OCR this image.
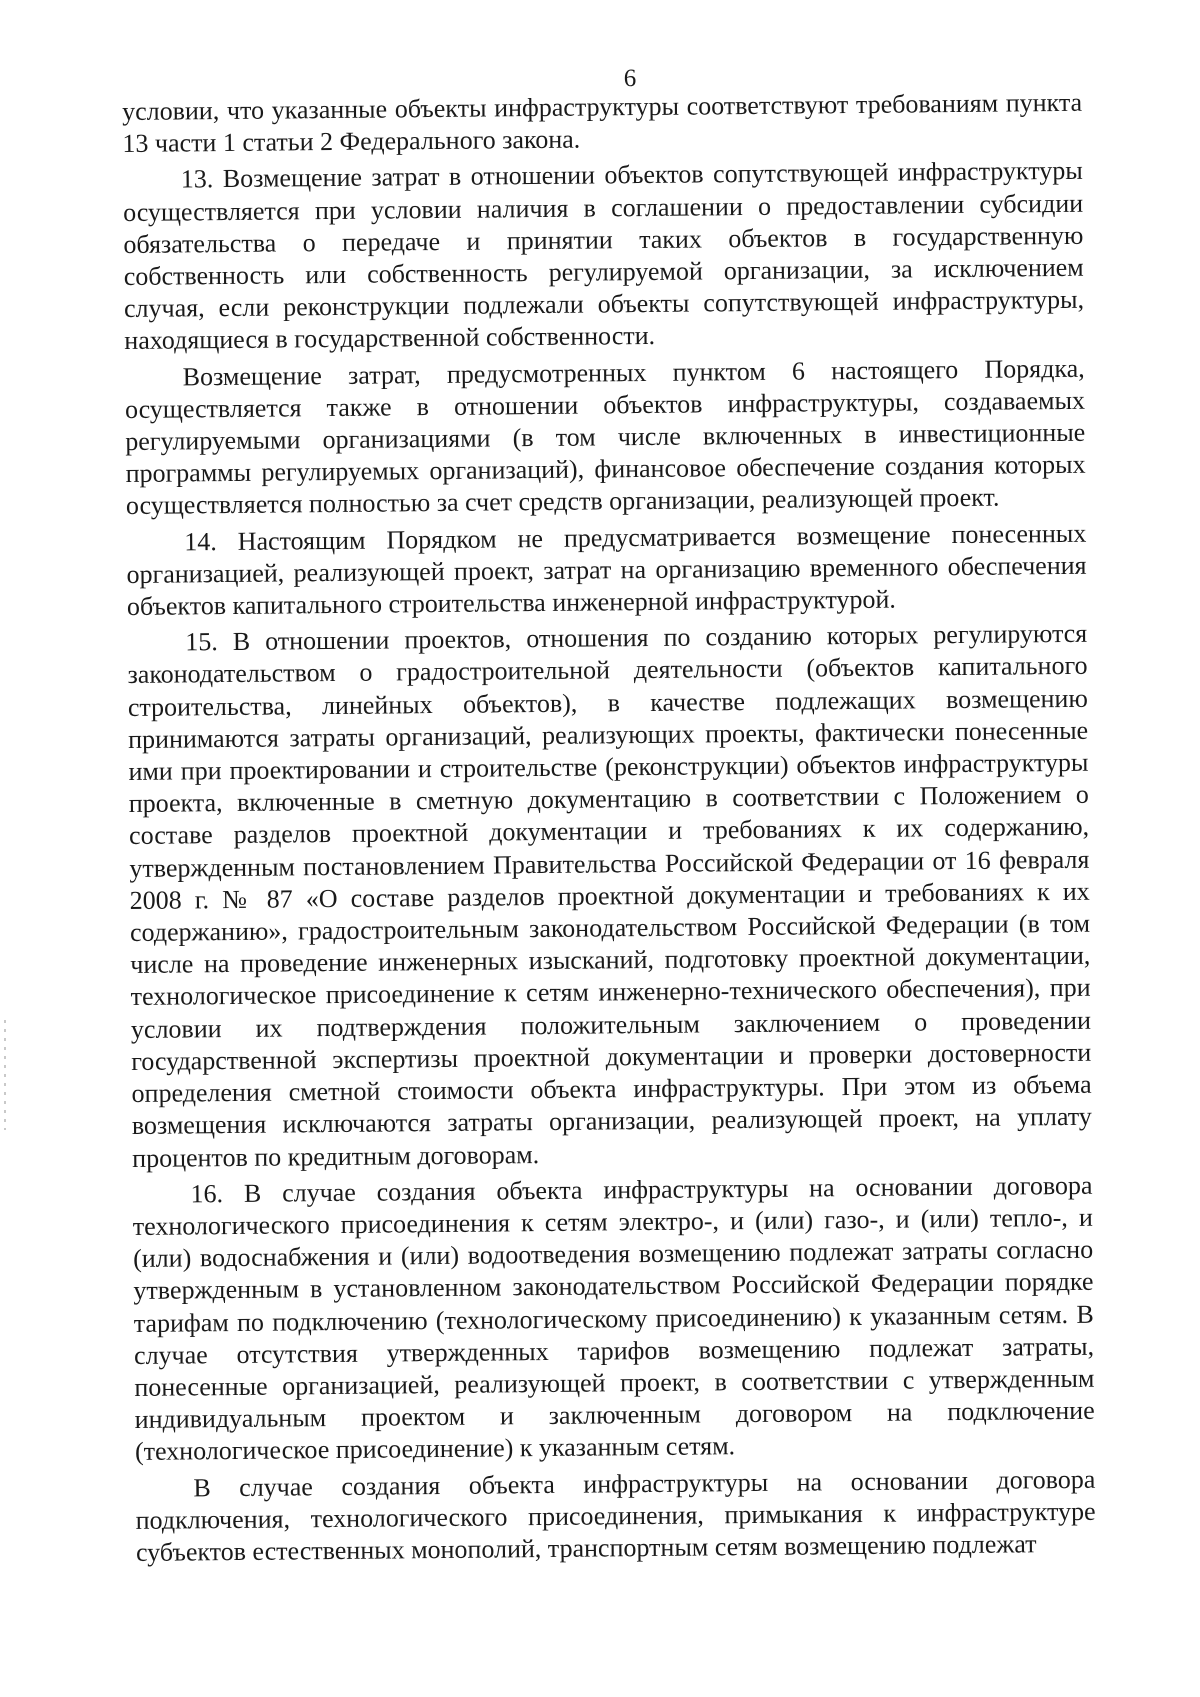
6

условии, что указанные объекты инфраструктуры соответствуют требованиям пункта 13 части 1 статьи 2 Федерального закона.

13. Возмещение затрат в отношении объектов сопутствующей инфраструктуры осуществляется при условии наличия в соглашении о предоставлении субсидии обязательства о передаче и принятии таких объектов в государственную собственность или собственность регулируемой организации, за исключением случая, если реконструкции подлежали объекты сопутствующей инфраструктуры, находящиеся в государственной собственности.

Возмещение затрат, предусмотренных пунктом 6 настоящего Порядка, осуществляется также в отношении объектов инфраструктуры, создаваемых регулируемыми организациями (в том числе включенных в инвестиционные программы регулируемых организаций), финансовое обеспечение создания которых осуществляется полностью за счет средств организации, реализующей проект.

14. Настоящим Порядком не предусматривается возмещение понесенных организацией, реализующей проект, затрат на организацию временного обеспечения объектов капитального строительства инженерной инфраструктурой.

15. В отношении проектов, отношения по созданию которых регулируются законодательством о градостроительной деятельности (объектов капитального строительства, линейных объектов), в качестве подлежащих возмещению принимаются затраты организаций, реализующих проекты, фактически понесенные ими при проектировании и строительстве (реконструкции) объектов инфраструктуры проекта, включенные в сметную документацию в соответствии с Положением о составе разделов проектной документации и требованиях к их содержанию, утвержденным постановлением Правительства Российской Федерации от 16 февраля 2008 г. № 87 «О составе разделов проектной документации и требованиях к их содержанию», градостроительным законодательством Российской Федерации (в том числе на проведение инженерных изысканий, подготовку проектной документации, технологическое присоединение к сетям инженерно-технического обеспечения), при условии их подтверждения положительным заключением о проведении государственной экспертизы проектной документации и проверки достоверности определения сметной стоимости объекта инфраструктуры. При этом из объема возмещения исключаются затраты организации, реализующей проект, на уплату процентов по кредитным договорам.

16. В случае создания объекта инфраструктуры на основании договора технологического присоединения к сетям электро-, и (или) газо-, и (или) тепло-, и (или) водоснабжения и (или) водоотведения возмещению подлежат затраты согласно утвержденным в установленном законодательством Российской Федерации порядке тарифам по подключению (технологическому присоединению) к указанным сетям. В случае отсутствия утвержденных тарифов возмещению подлежат затраты, понесенные организацией, реализующей проект, в соответствии с утвержденным индивидуальным проектом и заключенным договором на подключение (технологическое присоединение) к указанным сетям.

В случае создания объекта инфраструктуры на основании договора подключения, технологического присоединения, примыкания к инфраструктуре субъектов естественных монополий, транспортным сетям возмещению подлежат
